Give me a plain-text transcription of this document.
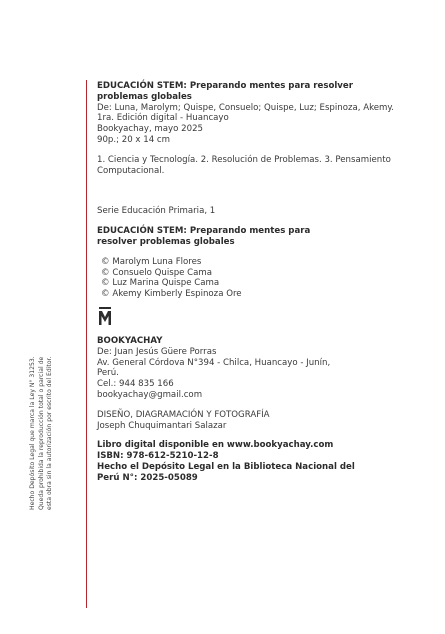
Hecho Depósito Legal que marca la Ley N° 31253. Queda prohibida la reproducción total o parcial de esta obra sin la autorización por escrito del Editor.
EDUCACIÓN STEM: Preparando mentes para resolver problemas globales
De: Luna, Marolym; Quispe, Consuelo; Quispe, Luz; Espinoza, Akemy.
1ra. Edición digital - Huancayo
Bookyachay, mayo 2025
90p.; 20 x 14 cm
1. Ciencia y Tecnología. 2. Resolución de Problemas. 3. Pensamiento Computacional.
Serie Educación Primaria, 1
EDUCACIÓN STEM: Preparando mentes para resolver problemas globales
© Marolym Luna Flores
© Consuelo Quispe Cama
© Luz Marina Quispe Cama
© Akemy Kimberly Espinoza Ore
BOOKYACHAY
De: Juan Jesús Güere Porras
Av. General Córdova N°394 - Chilca, Huancayo - Junín, Perú.
Cel.: 944 835 166
bookyachay@gmail.com
DISEÑO, DIAGRAMACIÓN Y FOTOGRAFÍA
Joseph Chuquimantari Salazar
Libro digital disponible en www.bookyachay.com
ISBN: 978-612-5210-12-8
Hecho el Depósito Legal en la Biblioteca Nacional del Perú N°: 2025-05089
